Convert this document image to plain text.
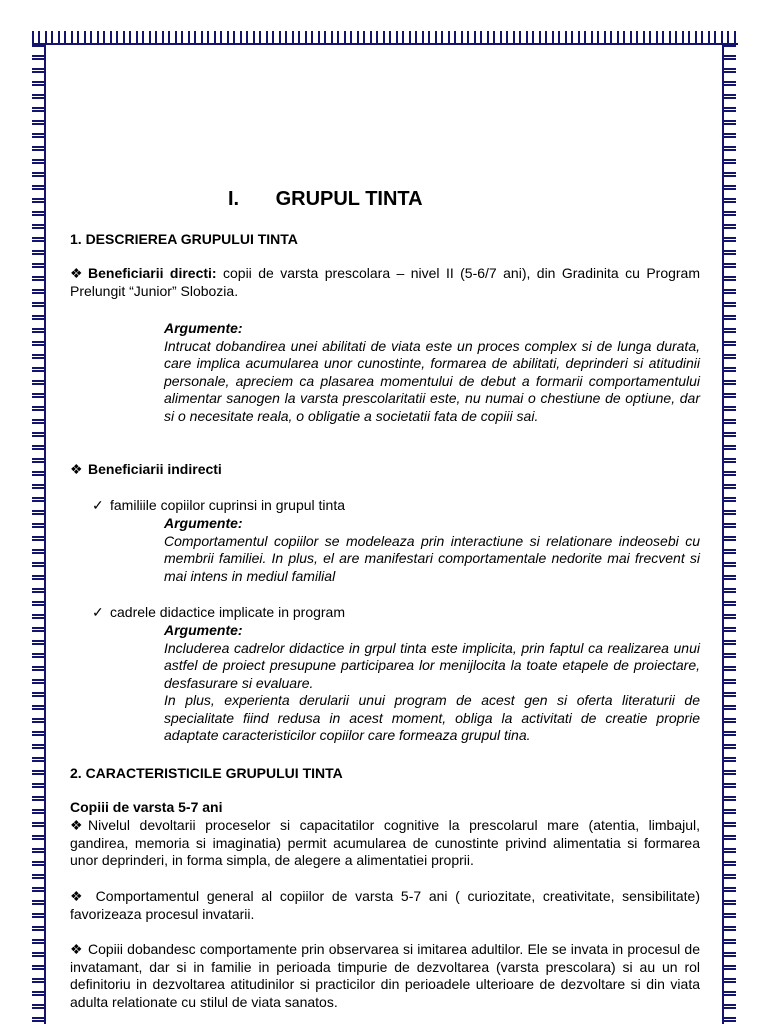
I. GRUPUL TINTA
1. DESCRIEREA GRUPULUI TINTA
❖ Beneficiarii directi: copii de varsta prescolara – nivel II (5-6/7 ani), din Gradinita cu Program Prelungit “Junior” Slobozia.
Argumente:
Intrucat dobandirea unei abilitati de viata este un proces complex si de lunga durata, care implica acumularea unor cunostinte, formarea de abilitati, deprinderi si atitudinii personale, apreciem ca plasarea momentului de debut a formarii comportamentului alimentar sanogen la varsta prescolaritatii este, nu numai o chestiune de optiune, dar si o necesitate reala, o obligatie a societatii fata de copiii sai.
❖ Beneficiarii indirecti
✓ familiile copiilor cuprinsi in grupul tinta
Argumente:
Comportamentul copiilor se modeleaza prin interactiune si relationare indeosebi cu membrii familiei. In plus, el are manifestari comportamentale nedorite mai frecvent si mai intens in mediul familial
✓ cadrele didactice implicate in program
Argumente:
Includerea cadrelor didactice in grpul tinta este implicita, prin faptul ca realizarea unui astfel de proiect presupune participarea lor menijlocita la toate etapele de proiectare, desfasurare si evaluare.
In plus, experienta derularii unui program de acest gen si oferta literaturii de specialitate fiind redusa in acest moment, obliga la activitati de creatie proprie adaptate caracteristicilor copiilor care formeaza grupul tina.
2. CARACTERISTICILE GRUPULUI TINTA
Copiii de varsta 5-7 ani
❖ Nivelul devoltarii proceselor si capacitatilor cognitive la prescolarul mare (atentia, limbajul, gandirea, memoria si imaginatia) permit acumularea de cunostinte privind alimentatia si formarea unor deprinderi, in forma simpla, de alegere a alimentatiei proprii.
❖ Comportamentul general al copiilor de varsta 5-7 ani ( curiozitate, creativitate, sensibilitate) favorizeaza procesul invatarii.
❖ Copiii dobandesc comportamente prin observarea si imitarea adultilor. Ele se invata in procesul de invatamant, dar si in familie in perioada timpurie de dezvoltarea (varsta prescolara) si au un rol definitoriu in dezvoltarea atitudinilor si practicilor din perioadele ulterioare de dezvoltare si din viata adulta relationate cu stilul de viata sanatos.
